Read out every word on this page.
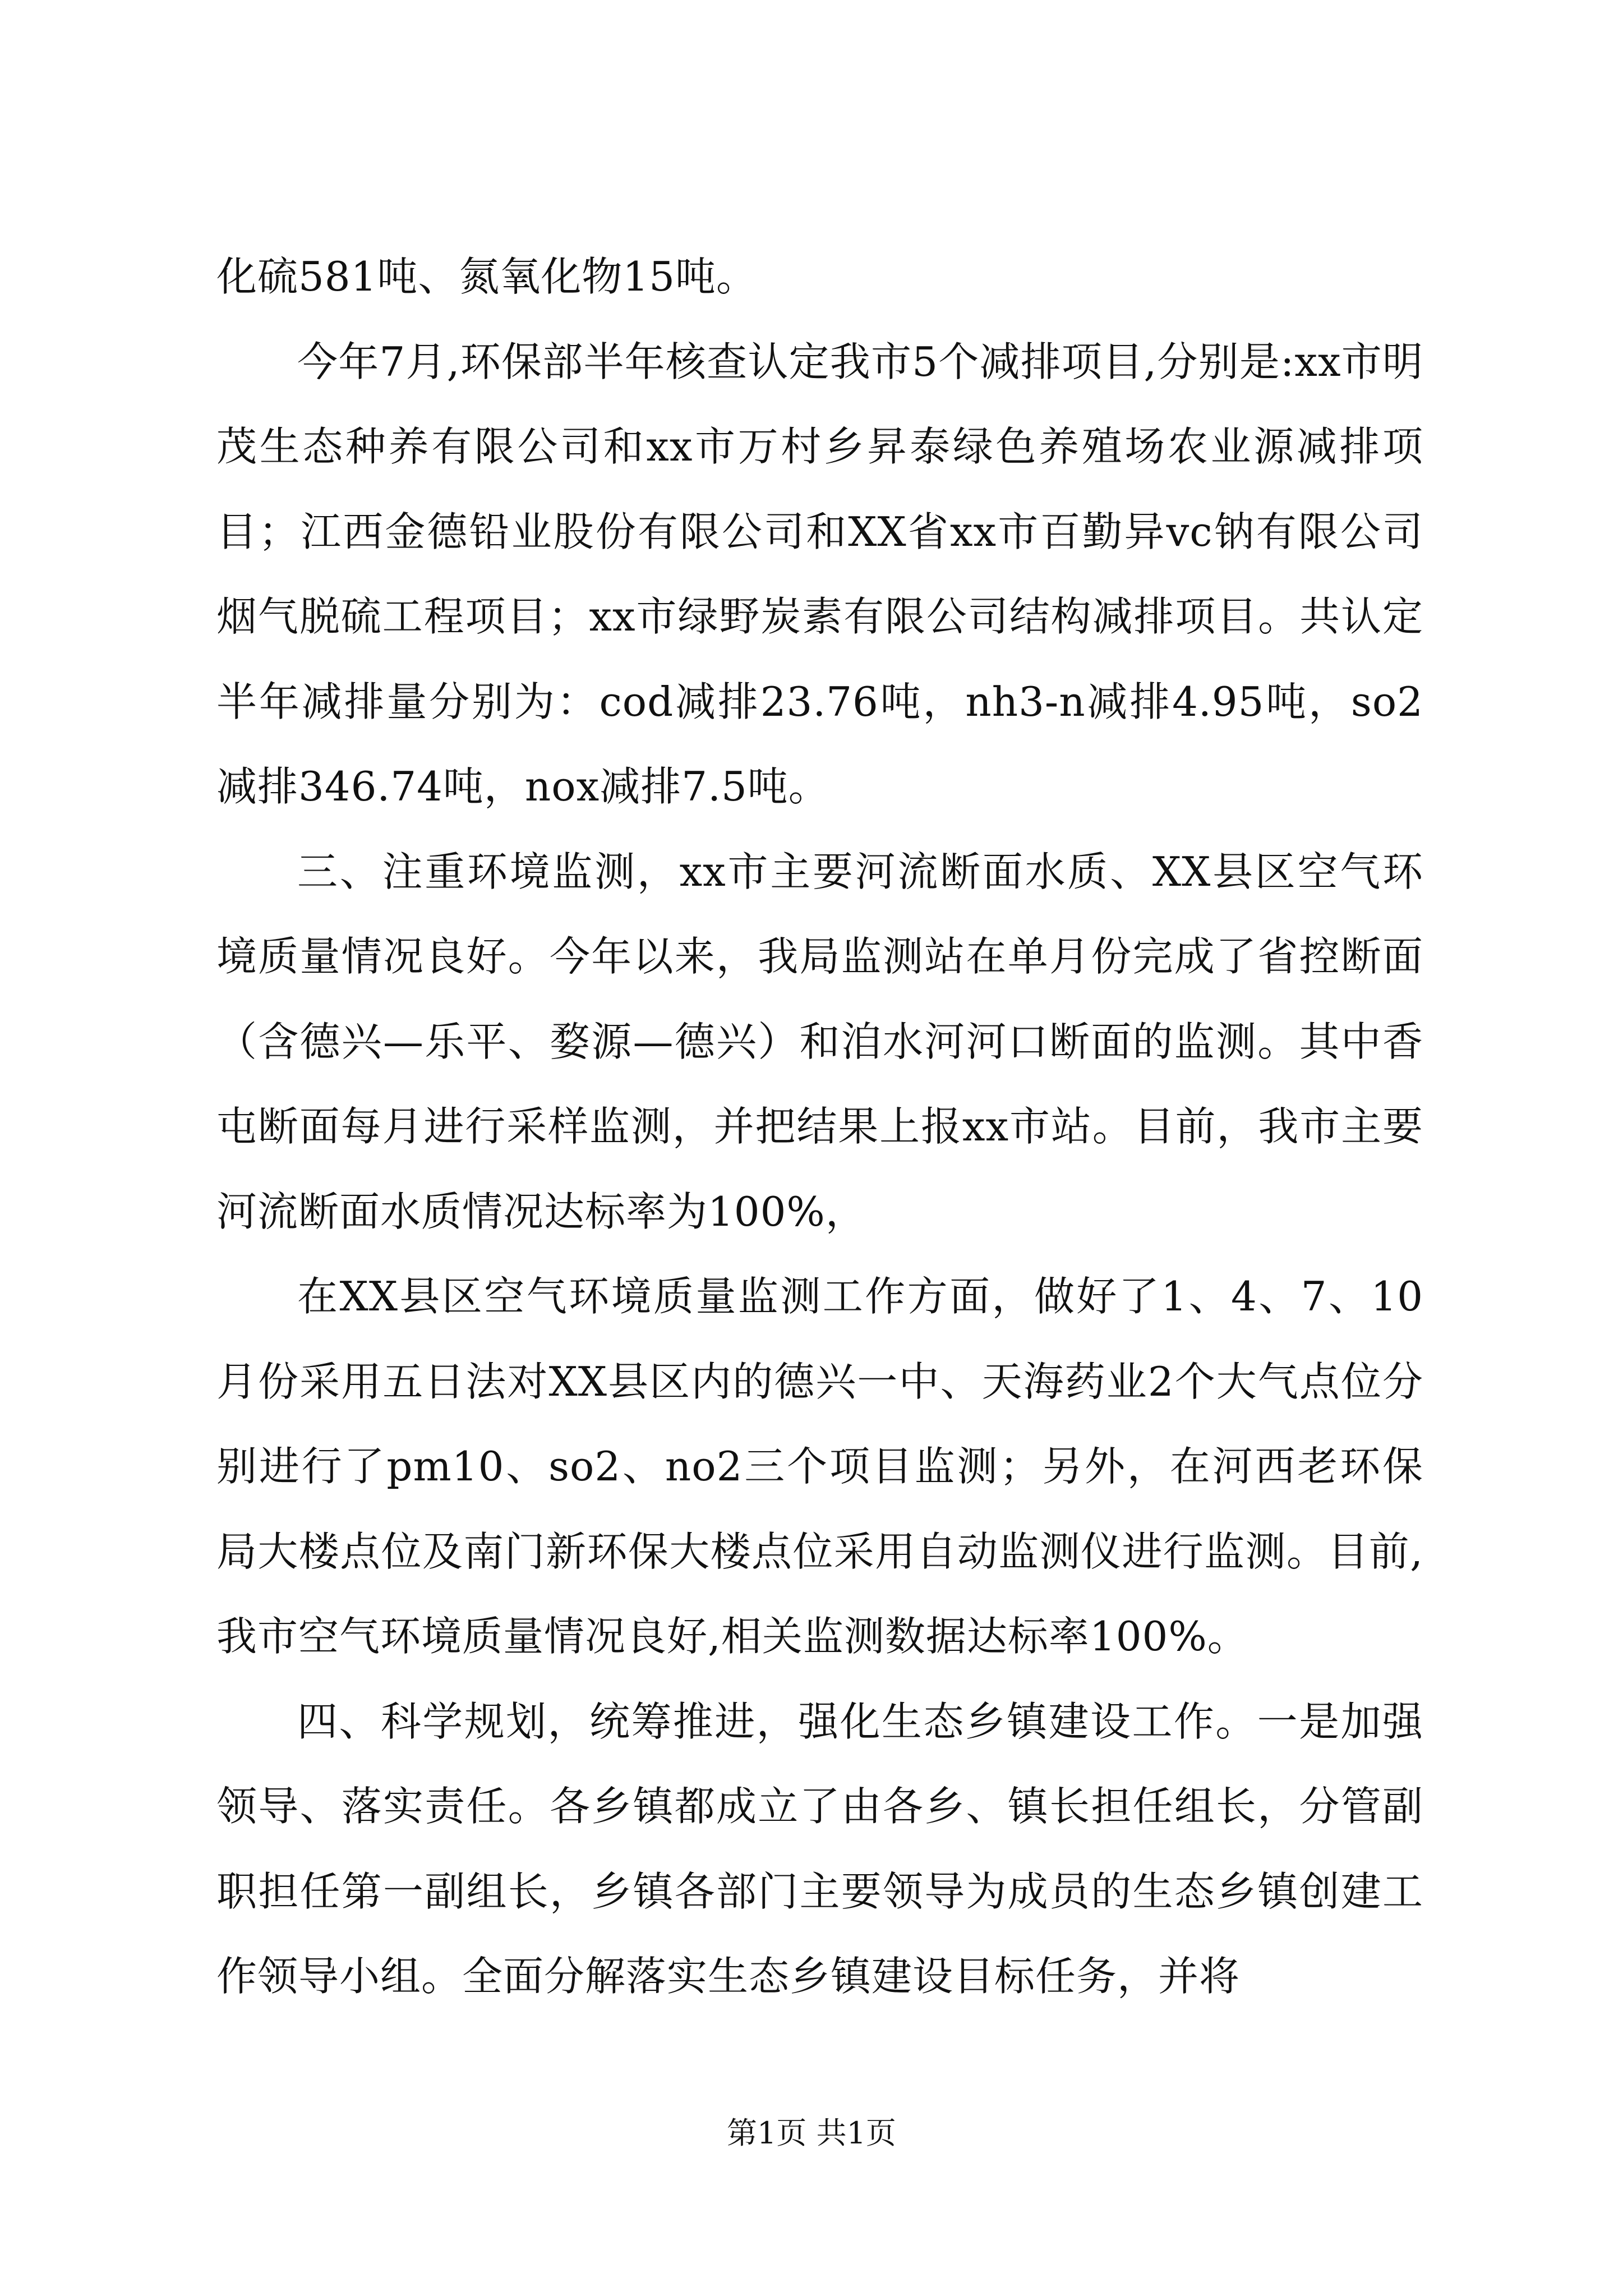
化硫581吨、氮氧化物15吨。

今年7月,环保部半年核查认定我市5个减排项目,分别是:xx市明茂生态种养有限公司和xx市万村乡昇泰绿色养殖场农业源减排项目；江西金德铅业股份有限公司和XX省xx市百勤异vc钠有限公司烟气脱硫工程项目；xx市绿野炭素有限公司结构减排项目。共认定半年减排量分别为：cod减排23.76吨，nh3-n减排4.95吨，so2减排346.74吨，nox减排7.5吨。

三、注重环境监测，xx市主要河流断面水质、XX县区空气环境质量情况良好。今年以来，我局监测站在单月份完成了省控断面（含德兴—乐平、婺源—德兴）和洎水河河口断面的监测。其中香屯断面每月进行采样监测，并把结果上报xx市站。目前，我市主要河流断面水质情况达标率为100%，

在XX县区空气环境质量监测工作方面，做好了1、4、7、10月份采用五日法对XX县区内的德兴一中、天海药业2个大气点位分别进行了pm10、so2、no2三个项目监测；另外，在河西老环保局大楼点位及南门新环保大楼点位采用自动监测仪进行监测。目前,我市空气环境质量情况良好,相关监测数据达标率100%。

四、科学规划，统筹推进，强化生态乡镇建设工作。一是加强领导、落实责任。各乡镇都成立了由各乡、镇长担任组长，分管副职担任第一副组长，乡镇各部门主要领导为成员的生态乡镇创建工作领导小组。全面分解落实生态乡镇建设目标任务，并将

第1页 共1页
